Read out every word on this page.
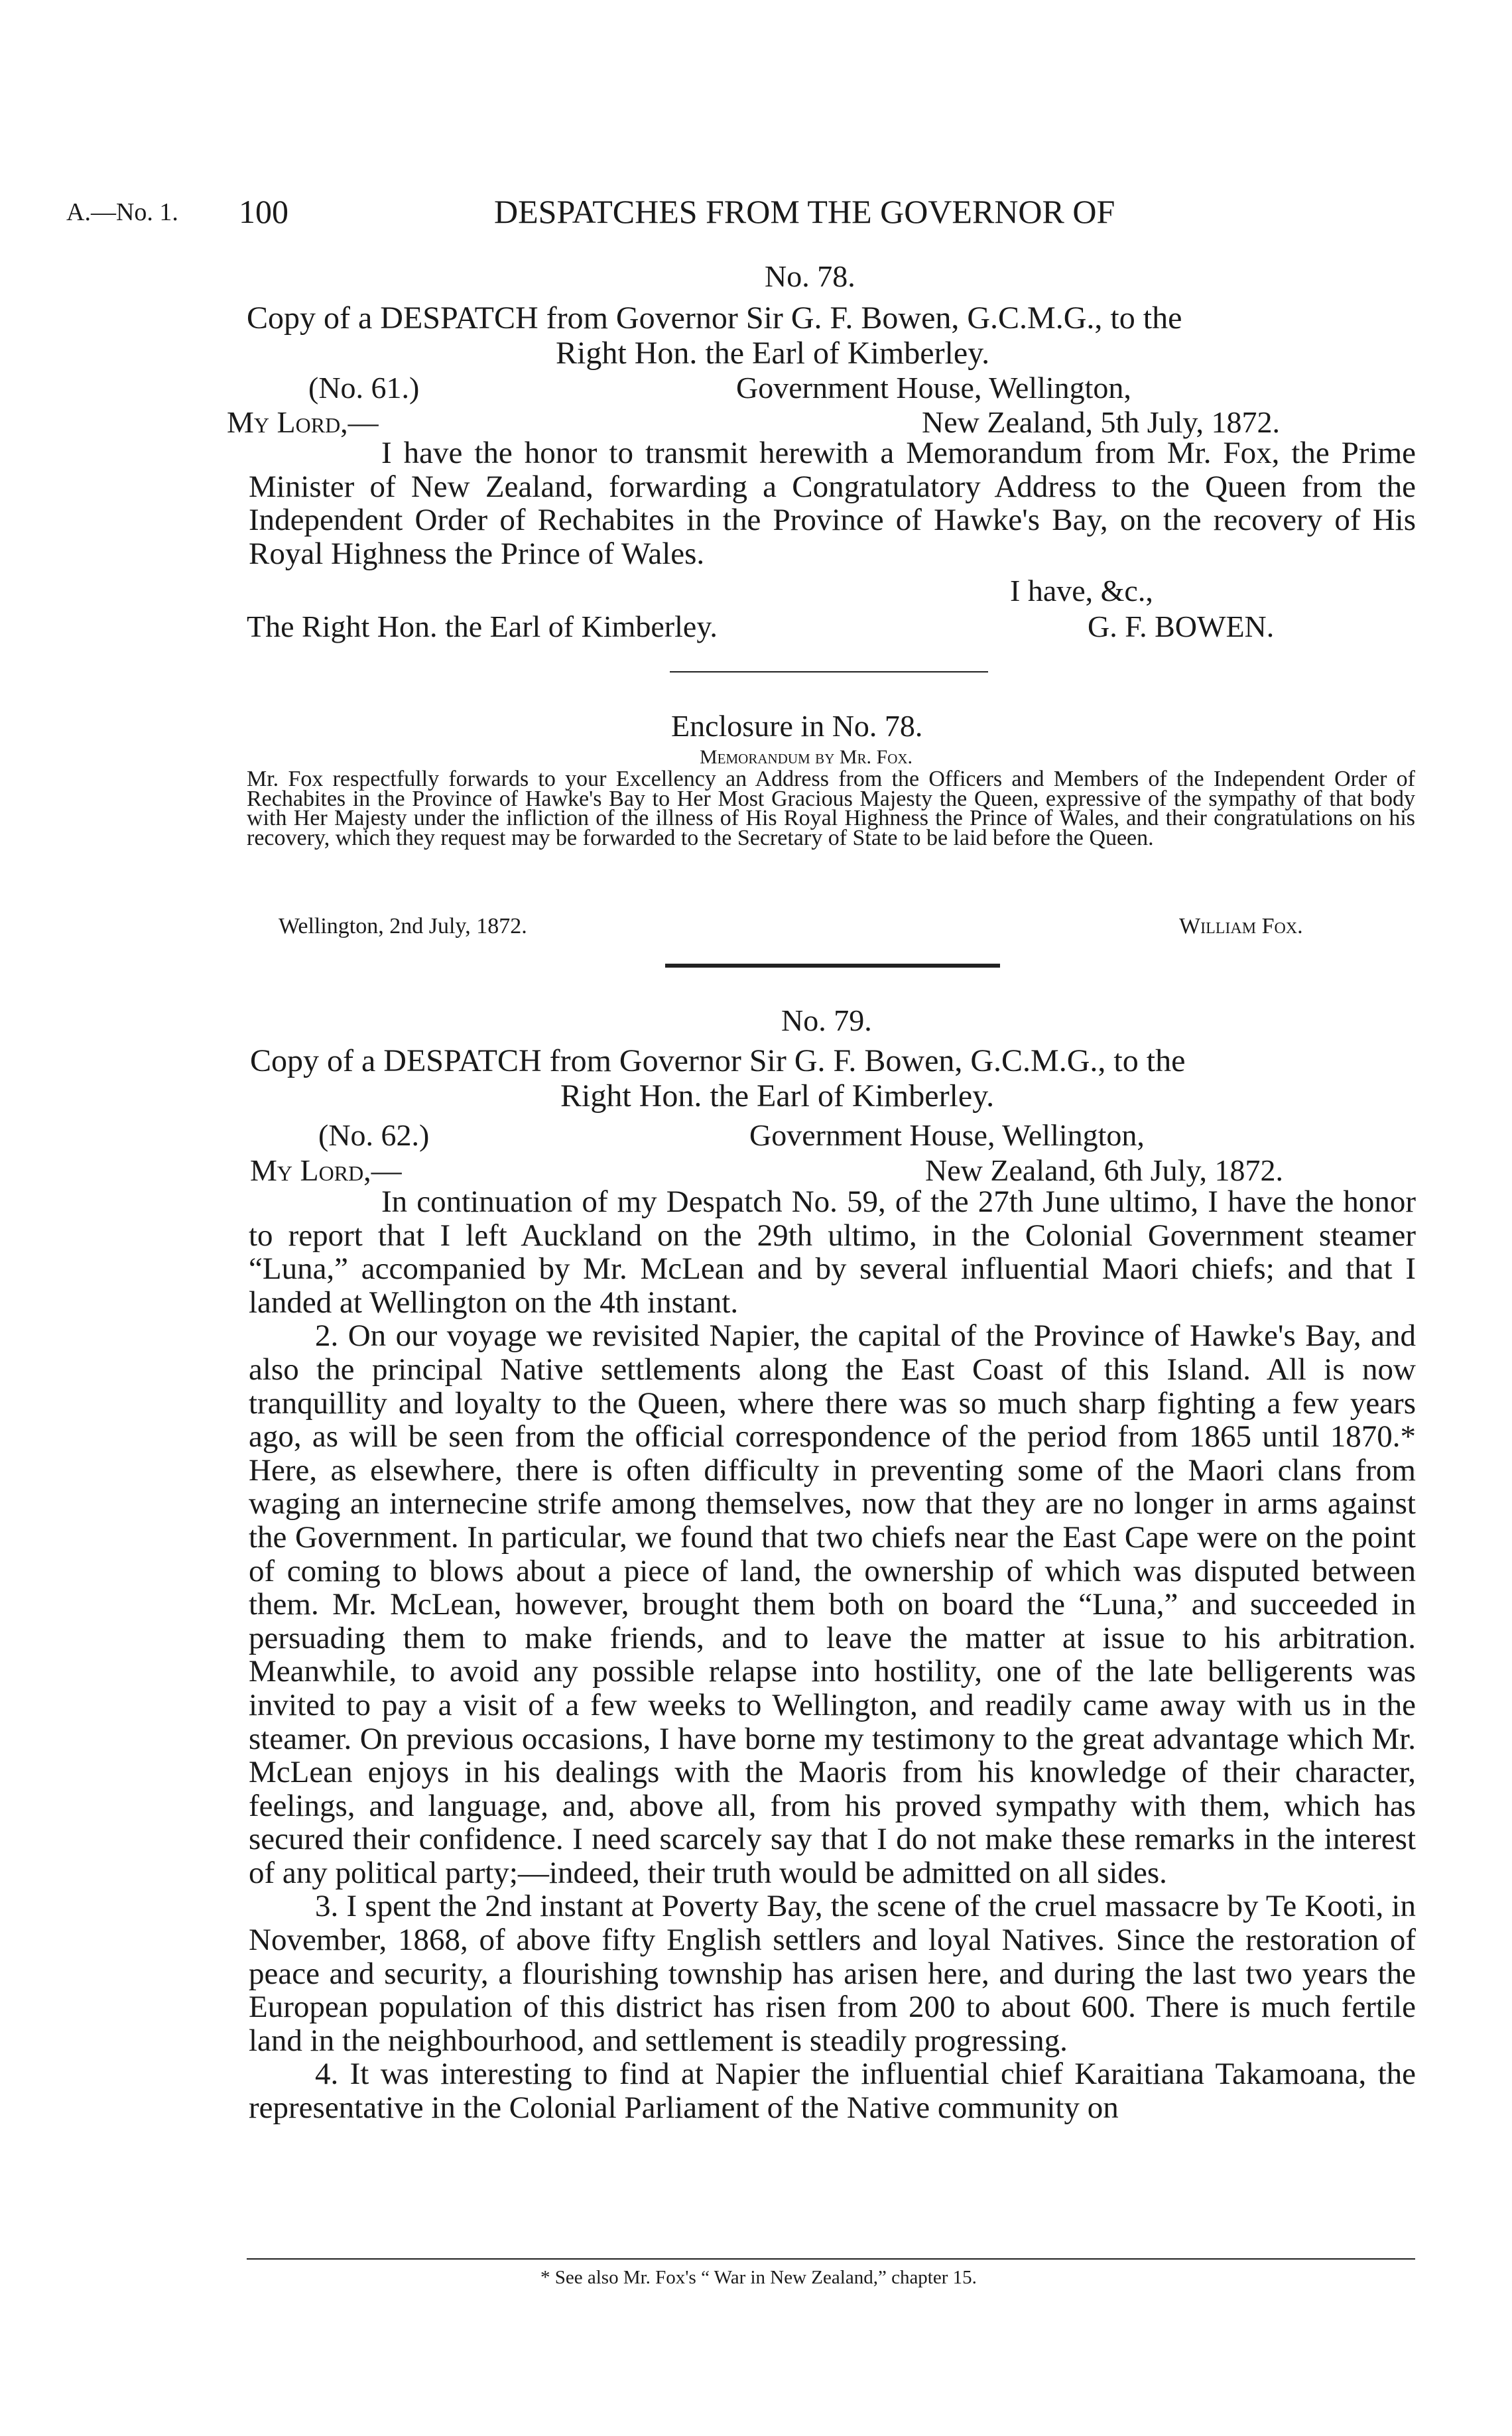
A.—No. 1. 100	DESPATCHES FROM THE GOVERNOR OF
No. 78.
Copy of a DESPATCH from Governor Sir G. F. Bowen, G.C.M.G., to the
Right Hon. the Earl of Kimberley.
(No. 61.)	Government House, Wellington,
My Lord,—	New Zealand, 5th July, 1872.

I have the honor to transmit herewith a Memorandum from Mr. Fox, the Prime Minister of New Zealand, forwarding a Congratulatory Address to the Queen from the Independent Order of Rechabites in the Province of Hawke's Bay, on the recovery of His Royal Highness the Prince of Wales.

I have, &c.,
The Right Hon. the Earl of Kimberley.	G. F. BOWEN.
Enclosure in No. 78.
Memorandum by Mr. Fox.

Mr. Fox respectfully forwards to your Excellency an Address from the Officers and Members of the Independent Order of Rechabites in the Province of Hawke's Bay to Her Most Gracious Majesty the Queen, expressive of the sympathy of that body with Her Majesty under the infliction of the illness of His Royal Highness the Prince of Wales, and their congratulations on his recovery, which they request may be forwarded to the Secretary of State to be laid before the Queen.

Wellington, 2nd July, 1872.	William Fox.
No. 79.
Copy of a DESPATCH from Governor Sir G. F. Bowen, G.C.M.G., to the
Right Hon. the Earl of Kimberley.
(No. 62.)	Government House, Wellington,
My Lord,—	New Zealand, 6th July, 1872.

In continuation of my Despatch No. 59, of the 27th June ultimo, I have the honor to report that I left Auckland on the 29th ultimo, in the Colonial Government steamer “Luna,” accompanied by Mr. McLean and by several influential Maori chiefs; and that I landed at Wellington on the 4th instant.

2. On our voyage we revisited Napier, the capital of the Province of Hawke's Bay, and also the principal Native settlements along the East Coast of this Island. All is now tranquillity and loyalty to the Queen, where there was so much sharp fighting a few years ago, as will be seen from the official correspondence of the period from 1865 until 1870.* Here, as elsewhere, there is often difficulty in preventing some of the Maori clans from waging an internecine strife among themselves, now that they are no longer in arms against the Government. In particular, we found that two chiefs near the East Cape were on the point of coming to blows about a piece of land, the ownership of which was disputed between them. Mr. McLean, however, brought them both on board the “Luna,” and succeeded in persuading them to make friends, and to leave the matter at issue to his arbitration. Meanwhile, to avoid any possible relapse into hostility, one of the late belligerents was invited to pay a visit of a few weeks to Wellington, and readily came away with us in the steamer. On previous occasions, I have borne my testimony to the great advantage which Mr. McLean enjoys in his dealings with the Maoris from his knowledge of their character, feelings, and language, and, above all, from his proved sympathy with them, which has secured their confidence. I need scarcely say that I do not make these remarks in the interest of any political party;—indeed, their truth would be admitted on all sides.

3. I spent the 2nd instant at Poverty Bay, the scene of the cruel massacre by Te Kooti, in November, 1868, of above fifty English settlers and loyal Natives. Since the restoration of peace and security, a flourishing township has arisen here, and during the last two years the European population of this district has risen from 200 to about 600. There is much fertile land in the neighbourhood, and settlement is steadily progressing.

4. It was interesting to find at Napier the influential chief Karaitiana Takamoana, the representative in the Colonial Parliament of the Native community on

* See also Mr. Fox's “ War in New Zealand,” chapter 15.
